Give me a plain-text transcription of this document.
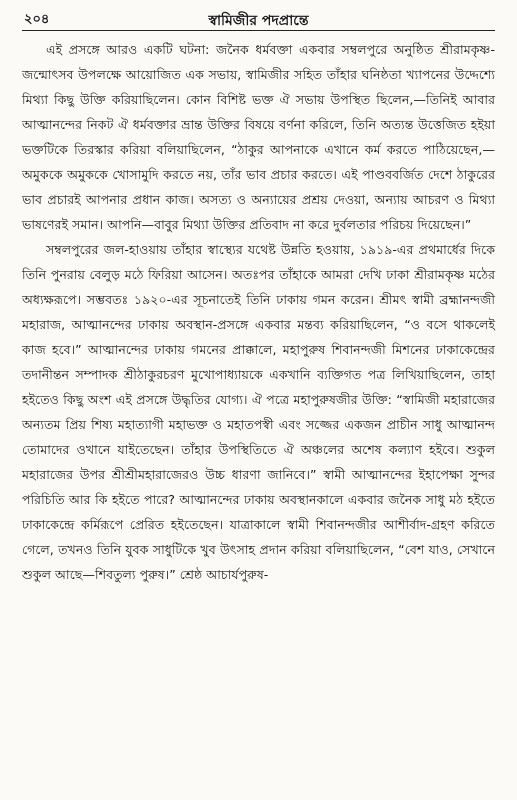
২০৪	স্বামিজীর পদপ্রান্তে

এই প্রসঙ্গে আরও একটি ঘটনা: জনৈক ধর্মবক্তা একবার সম্বলপুরে অনুষ্ঠিত শ্রীরামকৃষ্ণ-জন্মোৎসব উপলক্ষে আয়োজিত এক সভায়, স্বামিজীর সহিত তাঁহার ঘনিষ্ঠতা খ্যাপনের উদ্দেশ্যে মিথ্যা কিছু উক্তি করিয়াছিলেন। কোন বিশিষ্ট ভক্ত ঐ সভায় উপস্থিত ছিলেন,—তিনিই আবার আত্মানন্দের নিকট ঐ ধর্মবক্তার ভ্রান্ত উক্তির বিষয়ে বর্ণনা করিলে, তিনি অত্যন্ত উত্তেজিত হইয়া ভক্তটিকে তিরস্কার করিয়া বলিয়াছিলেন, “ঠাকুর আপনাকে এখানে কর্ম করতে পাঠিয়েছেন,—অমুককে অমুককে খোসামুদি করতে নয়, তাঁর ভাব প্রচার করতে। এই পাণ্ডববর্জিত দেশে ঠাকুরের ভাব প্রচারই আপনার প্রধান কাজ। অসত্য ও অন্যায়ের প্রশ্রয় দেওয়া, অন্যায় আচরণ ও মিথ্যা ভাষণেরই সমান। আপনি—বাবুর মিথ্যা উক্তির প্রতিবাদ না করে দুর্বলতার পরিচয় দিয়েছেন।”

সম্বলপুরের জল-হাওয়ায় তাঁহার স্বাস্থ্যের যথেষ্ট উন্নতি হওয়ায়, ১৯১৯-এর প্রথমার্ধের দিকে তিনি পুনরায় বেলুড় মঠে ফিরিয়া আসেন। অতঃপর তাঁহাকে আমরা দেখি ঢাকা শ্রীরামকৃষ্ণ মঠের অধ্যক্ষরূপে। সম্ভবতঃ ১৯২০-এর সূচনাতেই তিনি ঢাকায় গমন করেন। শ্রীমৎ স্বামী ব্রহ্মানন্দজী মহারাজ, আত্মানন্দের ঢাকায় অবস্থান-প্রসঙ্গে একবার মন্তব্য করিয়াছিলেন, “ও বসে থাকলেই কাজ হবে।” আত্মানন্দের ঢাকায় গমনের প্রাক্কালে, মহাপুরুষ শিবানন্দজী মিশনের ঢাকাকেন্দ্রের তদানীন্তন সম্পাদক শ্রীঠাকুরচরণ মুখোপাধ্যায়কে একখানি ব্যক্তিগত পত্র লিখিয়াছিলেন, তাহা হইতেও কিছু অংশ এই প্রসঙ্গে উদ্ধৃতির যোগ্য। ঐ পত্রে মহাপুরুষজীর উক্তি: “স্বামিজী মহারাজের অন্যতম প্রিয় শিষ্য মহাত্যাগী মহাভক্ত ও মহাতপস্বী এবং সজ্জের একজন প্রাচীন সাধু আত্মানন্দ তোমাদের ওখানে যাইতেছেন। তাঁহার উপস্থিতিতে ঐ অঞ্চলের অশেষ কল্যাণ হইবে। শুকুল মহারাজের উপর শ্রীশ্রীমহারাজেরও উচ্চ ধারণা জানিবে।” স্বামী আত্মানন্দের ইহাপেক্ষা সুন্দর পরিচিতি আর কি হইতে পারে? আত্মানন্দের ঢাকায় অবস্থানকালে একবার জনৈক সাধু মঠ হইতে ঢাকাকেন্দ্রে কর্মিরূপে প্রেরিত হইতেছেন। যাত্রাকালে স্বামী শিবানন্দজীর আশীর্বাদ-গ্রহণ করিতে গেলে, তখনও তিনি যুবক সাধুটিকে খুব উৎসাহ প্রদান করিয়া বলিয়াছিলেন, “বেশ যাও, সেখানে শুকুল আছে—শিবতুল্য পুরুষ।” শ্রেষ্ঠ আচার্যপুরুষ-
